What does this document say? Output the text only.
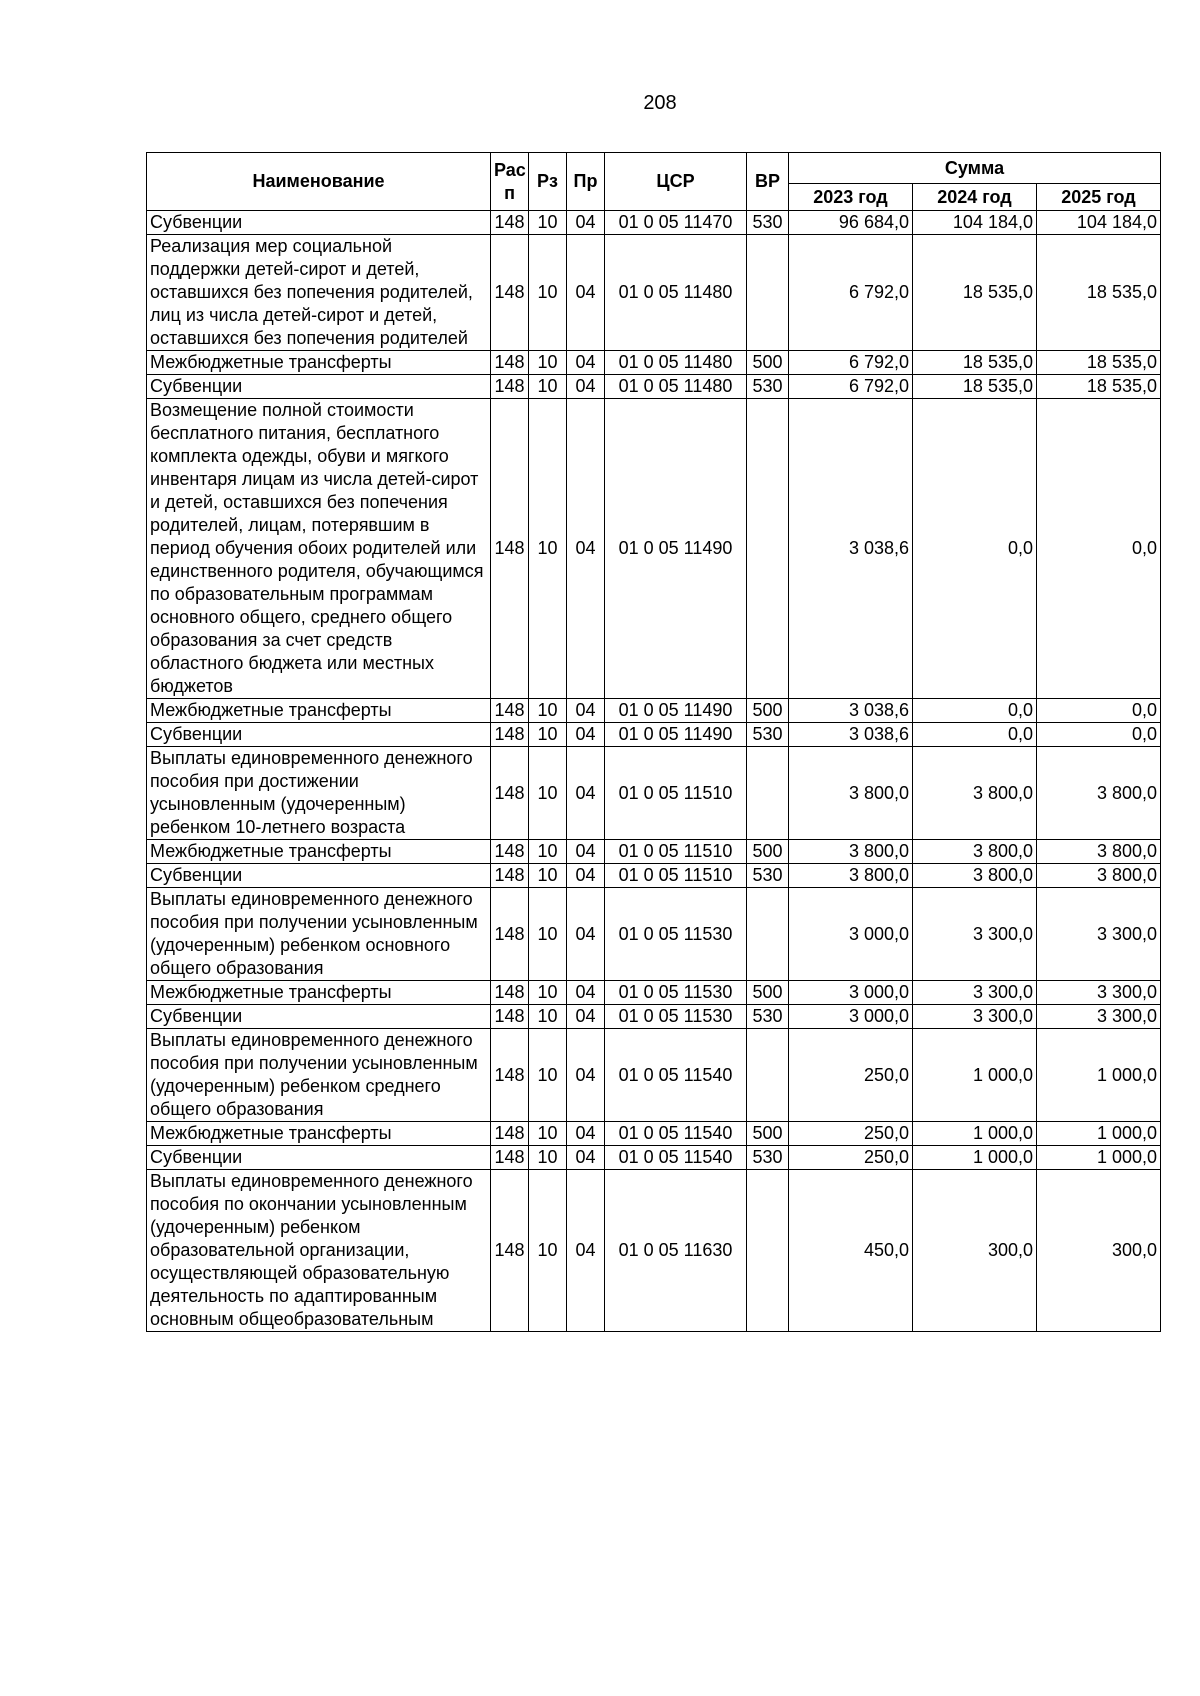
208
Наименование	Рас п	Рз	Пр	ЦСР	ВР	Сумма		
						2023 год	2024 год	2025 год
Субвенции	148	10	04	01 0 05 11470	530	96 684,0	104 184,0	104 184,0
Реализация мер социальной поддержки детей-сирот и детей, оставшихся без попечения родителей, лиц из числа детей-сирот и детей, оставшихся без попечения родителей	148	10	04	01 0 05 11480		6 792,0	18 535,0	18 535,0
Межбюджетные трансферты	148	10	04	01 0 05 11480	500	6 792,0	18 535,0	18 535,0
Субвенции	148	10	04	01 0 05 11480	530	6 792,0	18 535,0	18 535,0
Возмещение полной стоимости бесплатного питания, бесплатного комплекта одежды, обуви и мягкого инвентаря лицам из числа детей-сирот и детей, оставшихся без попечения родителей, лицам, потерявшим в период обучения обоих родителей или единственного родителя, обучающимся по образовательным программам основного общего, среднего общего образования за счет средств областного бюджета или местных бюджетов	148	10	04	01 0 05 11490		3 038,6	0,0	0,0
Межбюджетные трансферты	148	10	04	01 0 05 11490	500	3 038,6	0,0	0,0
Субвенции	148	10	04	01 0 05 11490	530	3 038,6	0,0	0,0
Выплаты единовременного денежного пособия при достижении усыновленным (удочеренным) ребенком 10-летнего возраста	148	10	04	01 0 05 11510		3 800,0	3 800,0	3 800,0
Межбюджетные трансферты	148	10	04	01 0 05 11510	500	3 800,0	3 800,0	3 800,0
Субвенции	148	10	04	01 0 05 11510	530	3 800,0	3 800,0	3 800,0
Выплаты единовременного денежного пособия при получении усыновленным (удочеренным) ребенком основного общего образования	148	10	04	01 0 05 11530		3 000,0	3 300,0	3 300,0
Межбюджетные трансферты	148	10	04	01 0 05 11530	500	3 000,0	3 300,0	3 300,0
Субвенции	148	10	04	01 0 05 11530	530	3 000,0	3 300,0	3 300,0
Выплаты единовременного денежного пособия при получении усыновленным (удочеренным) ребенком среднего общего образования	148	10	04	01 0 05 11540		250,0	1 000,0	1 000,0
Межбюджетные трансферты	148	10	04	01 0 05 11540	500	250,0	1 000,0	1 000,0
Субвенции	148	10	04	01 0 05 11540	530	250,0	1 000,0	1 000,0
Выплаты единовременного денежного пособия по окончании усыновленным (удочеренным) ребенком образовательной организации, осуществляющей образовательную деятельность по адаптированным основным общеобразовательным	148	10	04	01 0 05 11630		450,0	300,0	300,0
